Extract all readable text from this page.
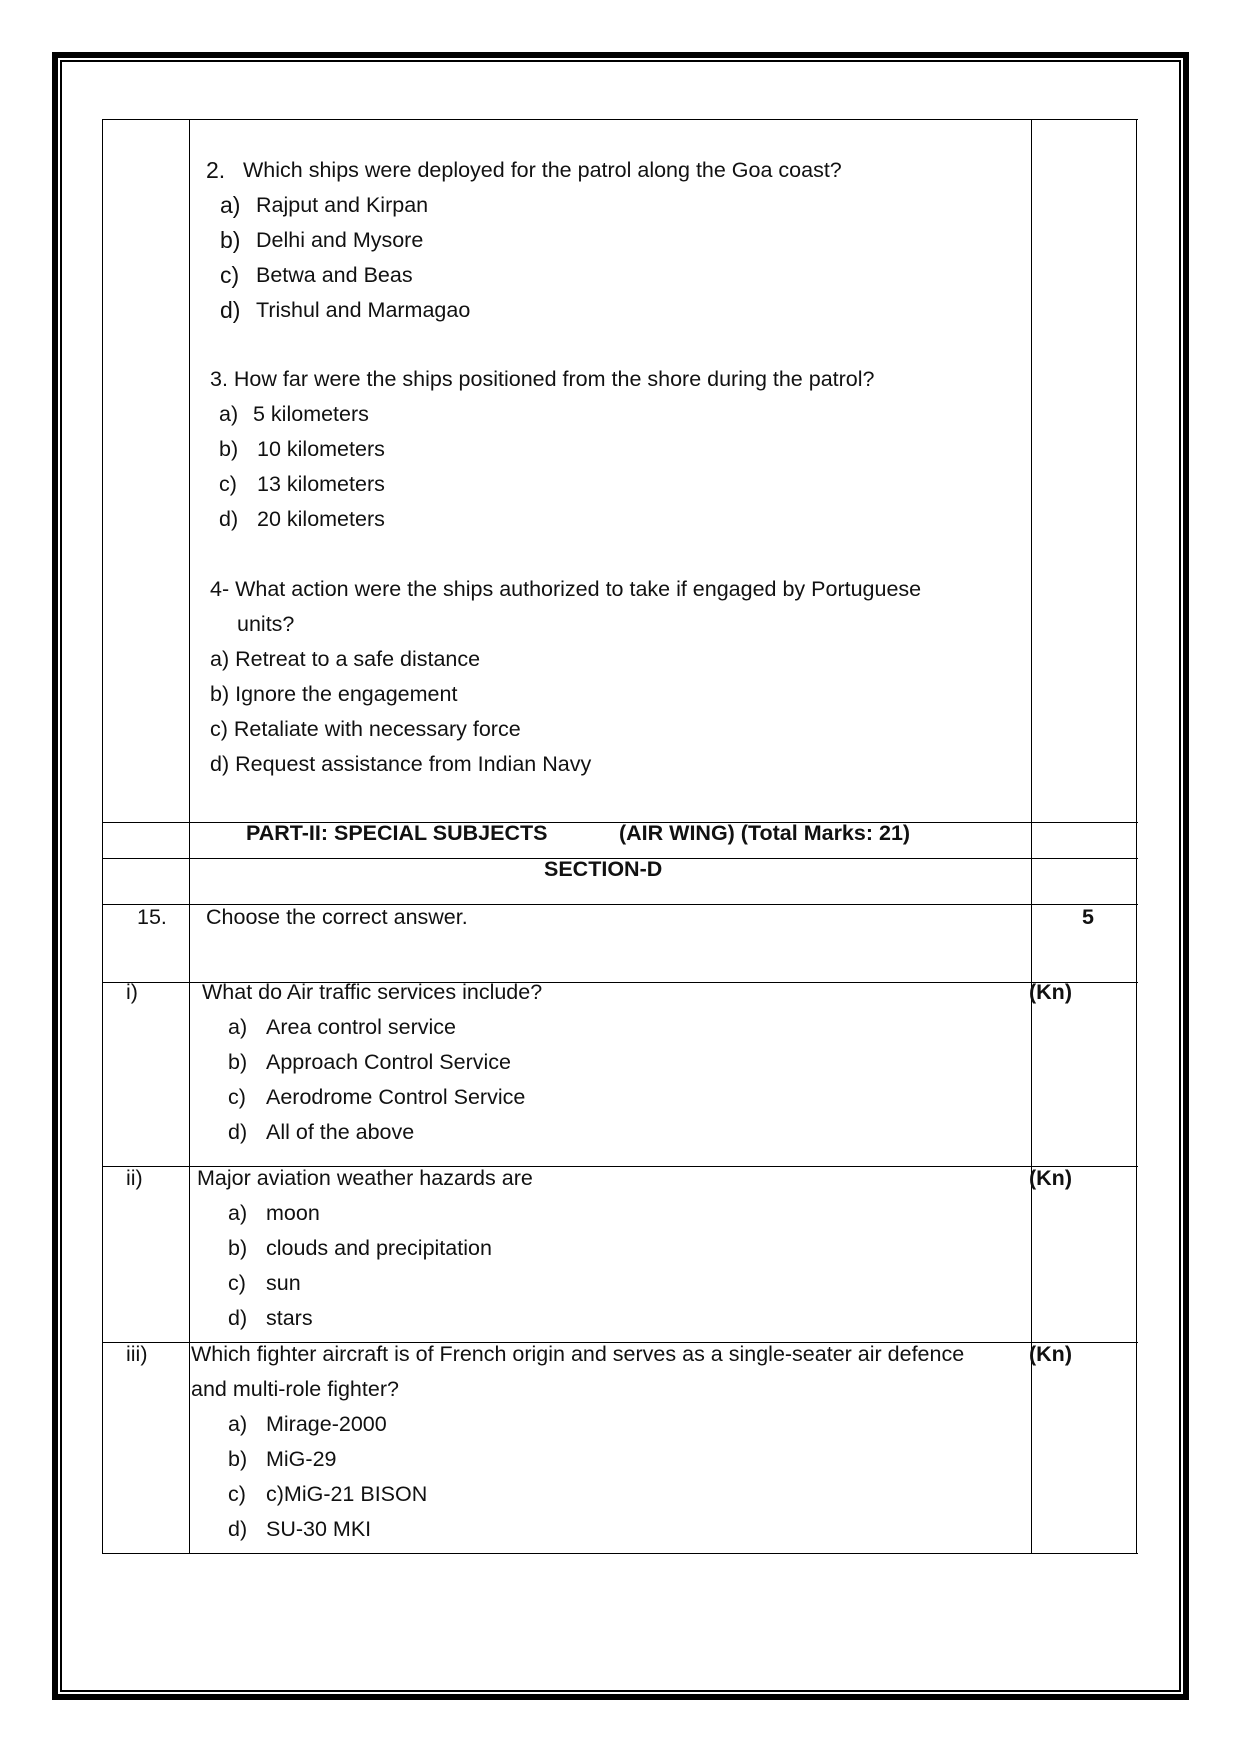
2. Which ships were deployed for the patrol along the Goa coast?
a) Rajput and Kirpan
b) Delhi and Mysore
c) Betwa and Beas
d) Trishul and Marmagao
3. How far were the ships positioned from the shore during the patrol?
a) 5 kilometers
b) 10 kilometers
c) 13 kilometers
d) 20 kilometers
4- What action were the ships authorized to take if engaged by Portuguese
units?
a) Retreat to a safe distance
b) Ignore the engagement
c) Retaliate with necessary force
d) Request assistance from Indian Navy
PART-II: SPECIAL SUBJECTS	(AIR WING) (Total Marks: 21)
SECTION-D
15. Choose the correct answer.	5
i)	What do Air traffic services include?	(Kn)
a) Area control service
b) Approach Control Service
c) Aerodrome Control Service
d) All of the above
ii)	Major aviation weather hazards are	(Kn)
a) moon
b) clouds and precipitation
c) sun
d) stars
iii) Which fighter aircraft is of French origin and serves as a single-seater air defence	(Kn)
and multi-role fighter?
a) Mirage-2000
b) MiG-29
c) c)MiG-21 BISON
d) SU-30 MKI
